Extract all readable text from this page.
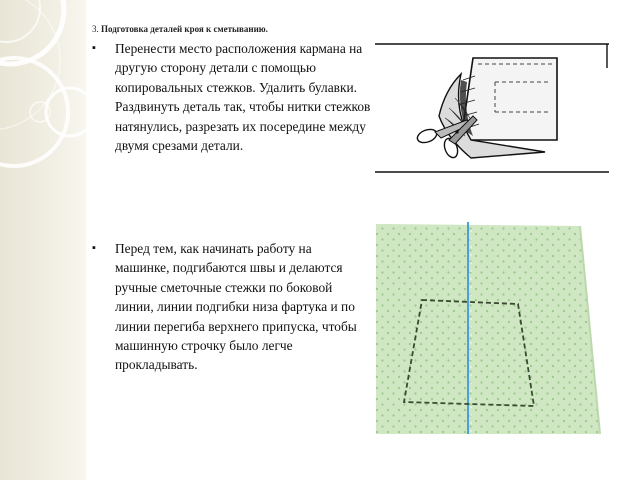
3. Подготовка деталей кроя к сметыванию.
▪ Перенести место расположения кармана на другую сторону детали с помощью копировальных стежков. Удалить булавки. Раздвинуть деталь так, чтобы нитки стежков натянулись, разрезать их посередине между двумя срезами детали.
▪ Перед тем, как начинать работу на машинке, подгибаются швы и делаются ручные сметочные стежки по боковой линии, линии подгибки низа фартука и по линии перегиба верхнего припуска, чтобы машинную строчку было легче прокладывать.
